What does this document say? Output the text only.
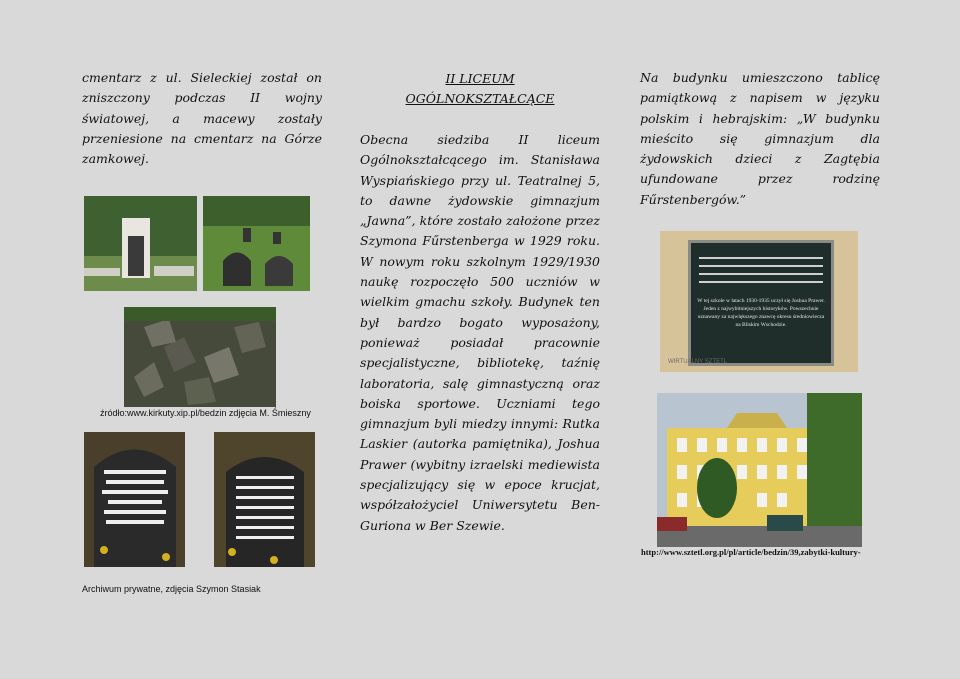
cmentarz z ul. Sieleckiej został on zniszczony podczas II wojny światowej, a macewy zostały przeniesione na cmentarz na Górze zamkowej.
źródło:www.kirkuty.xip.pl/bedzin zdjęcia M. Śmieszny
Archiwum prywatne, zdjęcia Szymon Stasiak
II LICEUM
OGÓLNOKSZTAŁCĄCE
Obecna siedziba II liceum Ogólnokształcącego im. Stanisława Wyspiańskiego przy ul. Teatralnej 5, to dawne żydowskie gimnazjum „Jawna”, które zostało założone przez Szymona Fűrstenberga w 1929 roku. W nowym roku szkolnym 1929/1930 naukę rozpoczęło 500 uczniów w wielkim gmachu szkoły. Budynek ten był bardzo bogato wyposażony, ponieważ posiadał pracownie specjalistyczne, bibliotekę, taźnię laboratoria, salę gimnastyczną oraz boiska sportowe. Uczniami tego gimnazjum byli miedzy innymi: Rutka Laskier (autorka pamiętnika), Joshua Prawer (wybitny izraelski mediewista specjalizujący się w epoce krucjat, współzałożyciel Uniwersytetu Ben-Guriona w Ber Szewie.
Na budynku umieszczono tablicę pamiątkową z napisem w języku polskim i hebrajskim: „W budynku mieścito się gimnazjum dla żydowskich dzieci z Zagtębia ufundowane przez rodzinę Fűrstenbergów.”
W tej szkole w latach 1930-1935 uczył się Joshua Prawer. Jeden z najwybitniejszych historyków. Powszechnie uznawany za największego znawcę okresu średniowiecza na Bliskim Wschodzie.
WIRTUALNY SZTETL
http://www.sztetl.org.pl/pl/article/bedzin/39,zabytki-kultury-
